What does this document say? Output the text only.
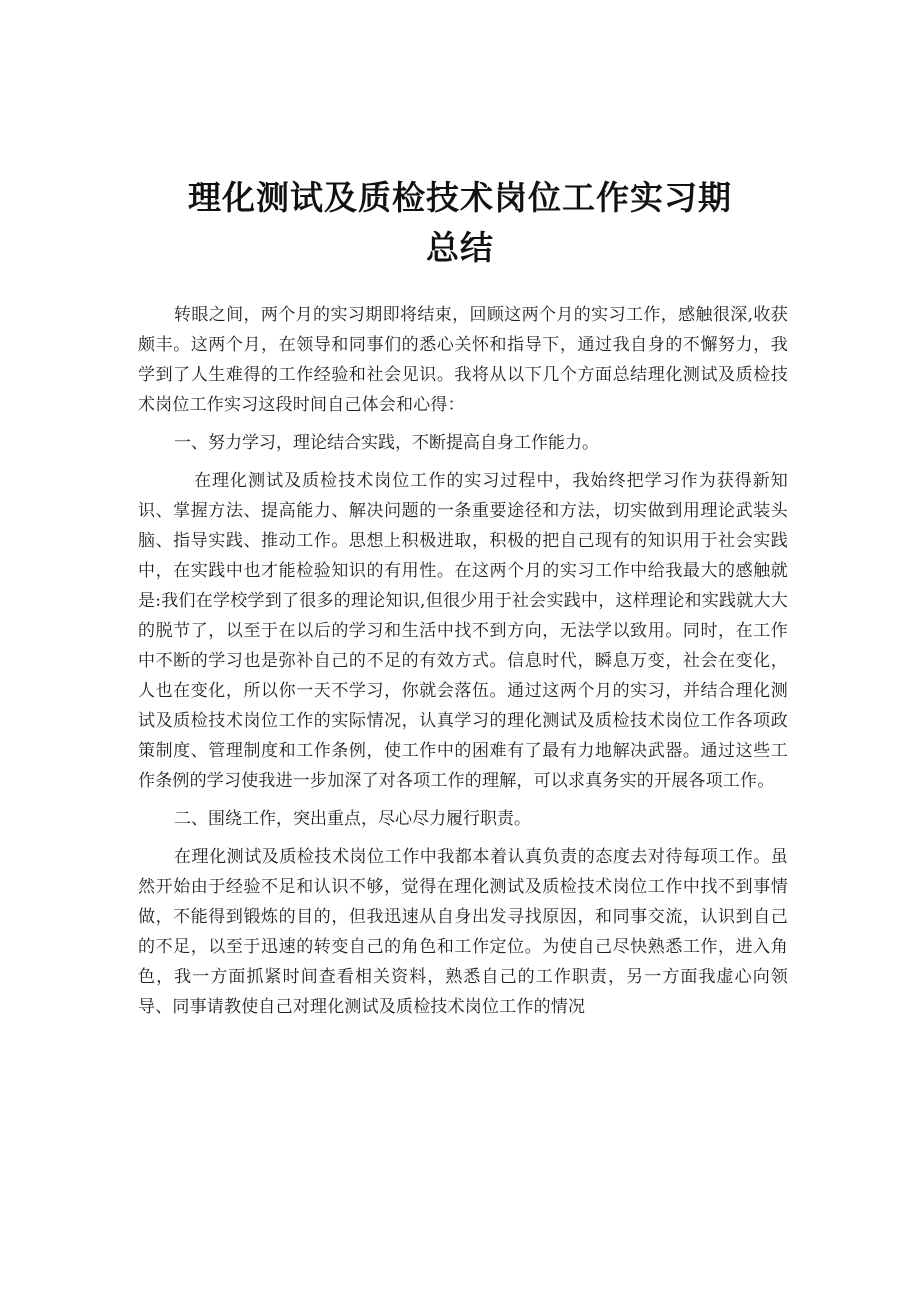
理化测试及质检技术岗位工作实习期
总结

转眼之间，两个月的实习期即将结束，回顾这两个月的实习工作，感触很深,收获颇丰。这两个月，在领导和同事们的悉心关怀和指导下，通过我自身的不懈努力，我学到了人生难得的工作经验和社会见识。我将从以下几个方面总结理化测试及质检技术岗位工作实习这段时间自己体会和心得：

一、努力学习，理论结合实践，不断提高自身工作能力。

在理化测试及质检技术岗位工作的实习过程中，我始终把学习作为获得新知识、掌握方法、提高能力、解决问题的一条重要途径和方法，切实做到用理论武装头脑、指导实践、推动工作。思想上积极进取，积极的把自己现有的知识用于社会实践中，在实践中也才能检验知识的有用性。在这两个月的实习工作中给我最大的感触就是:我们在学校学到了很多的理论知识,但很少用于社会实践中，这样理论和实践就大大的脱节了，以至于在以后的学习和生活中找不到方向，无法学以致用。同时，在工作中不断的学习也是弥补自己的不足的有效方式。信息时代，瞬息万变，社会在变化，人也在变化，所以你一天不学习，你就会落伍。通过这两个月的实习，并结合理化测试及质检技术岗位工作的实际情况，认真学习的理化测试及质检技术岗位工作各项政策制度、管理制度和工作条例，使工作中的困难有了最有力地解决武器。通过这些工作条例的学习使我进一步加深了对各项工作的理解，可以求真务实的开展各项工作。

二、围绕工作，突出重点，尽心尽力履行职责。

在理化测试及质检技术岗位工作中我都本着认真负责的态度去对待每项工作。虽然开始由于经验不足和认识不够，觉得在理化测试及质检技术岗位工作中找不到事情做，不能得到锻炼的目的，但我迅速从自身出发寻找原因，和同事交流，认识到自己的不足，以至于迅速的转变自己的角色和工作定位。为使自己尽快熟悉工作，进入角色，我一方面抓紧时间查看相关资料，熟悉自己的工作职责，另一方面我虚心向领导、同事请教使自己对理化测试及质检技术岗位工作的情况
